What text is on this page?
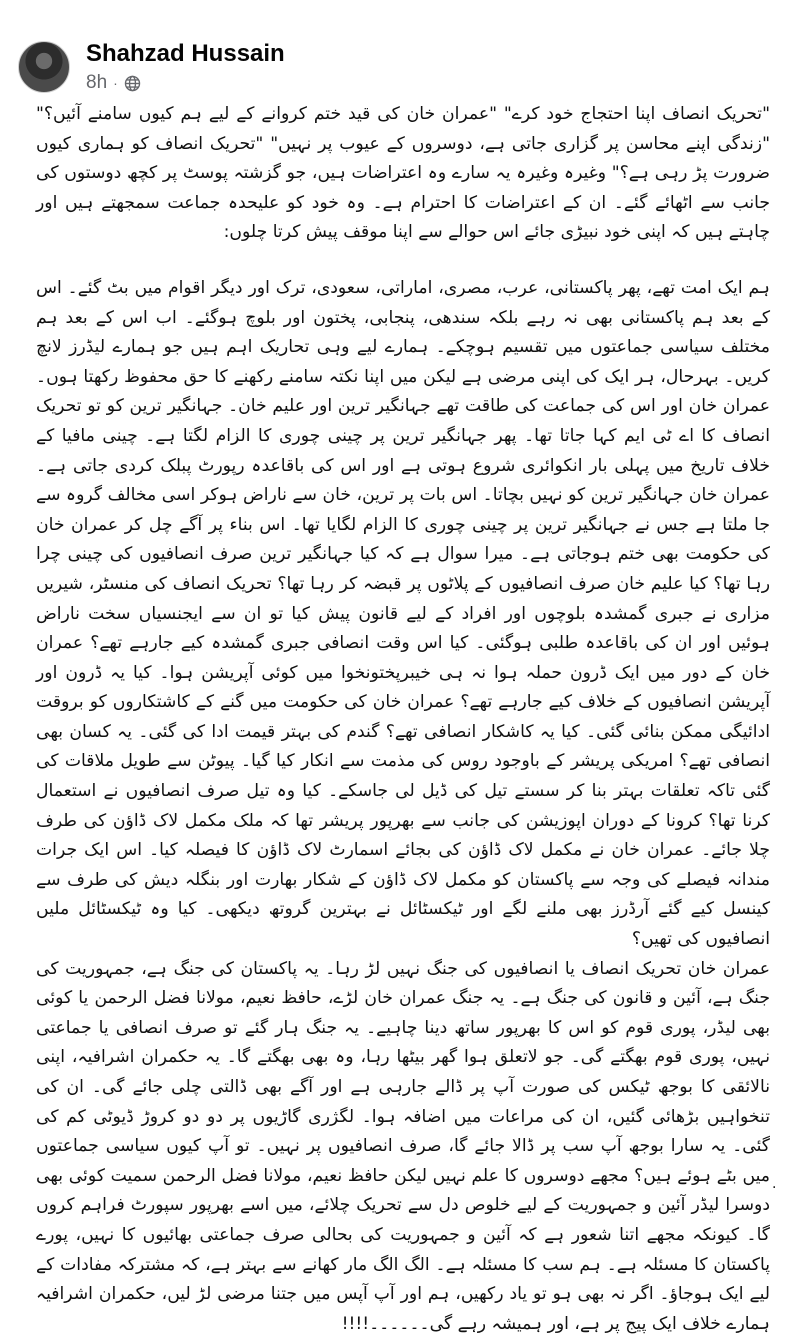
Shahzad Hussain
8h ·

"تحریک انصاف اپنا احتجاج خود کرے" "عمران خان کی قید ختم کروانے کے لیے ہم کیوں سامنے آئیں؟" "زندگی اپنے محاسن پر گزاری جاتی ہے، دوسروں کے عیوب پر نہیں" "تحریک انصاف کو ہماری کیوں ضرورت پڑ رہی ہے؟" وغیرہ وغیرہ یہ سارے وہ اعتراضات ہیں، جو گزشتہ پوسٹ پر کچھ دوستوں کی جانب سے اٹھائے گئے۔ ان کے اعتراضات کا احترام ہے۔ وہ خود کو علیحدہ جماعت سمجھتے ہیں اور چاہتے ہیں کہ اپنی خود نبیڑی جائے اس حوالے سے اپنا موقف پیش کرتا چلوں:

ہم ایک امت تھے، پھر پاکستانی، عرب، مصری، اماراتی، سعودی، ترک اور دیگر اقوام میں بٹ گئے۔ اس کے بعد ہم پاکستانی بھی نہ رہے بلکہ سندھی، پنجابی، پختون اور بلوچ ہوگئے۔ اب اس کے بعد ہم مختلف سیاسی جماعتوں میں تقسیم ہوچکے۔ ہمارے لیے وہی تحاریک اہم ہیں جو ہمارے لیڈرز لانچ کریں۔ بہرحال، ہر ایک کی اپنی مرضی ہے لیکن میں اپنا نکتہ سامنے رکھنے کا حق محفوظ رکھتا ہوں۔ عمران خان اور اس کی جماعت کی طاقت تھے جہانگیر ترین اور علیم خان۔ جہانگیر ترین کو تو تحریک انصاف کا اے ٹی ایم کہا جاتا تھا۔ پھر جہانگیر ترین پر چینی چوری کا الزام لگتا ہے۔ چینی مافیا کے خلاف تاریخ میں پہلی بار انکوائری شروع ہوتی ہے اور اس کی باقاعدہ رپورٹ پبلک کردی جاتی ہے۔ عمران خان جہانگیر ترین کو نہیں بچاتا۔ اس بات پر ترین، خان سے ناراض ہوکر اسی مخالف گروہ سے جا ملتا ہے جس نے جہانگیر ترین پر چینی چوری کا الزام لگایا تھا۔ اس بناء پر آگے چل کر عمران خان کی حکومت بھی ختم ہوجاتی ہے۔ میرا سوال ہے کہ کیا جہانگیر ترین صرف انصافیوں کی چینی چرا رہا تھا؟ کیا علیم خان صرف انصافیوں کے پلاٹوں پر قبضہ کر رہا تھا؟ تحریک انصاف کی منسٹر، شیریں مزاری نے جبری گمشدہ بلوچوں اور افراد کے لیے قانون پیش کیا تو ان سے ایجنسیاں سخت ناراض ہوئیں اور ان کی باقاعدہ طلبی ہوگئی۔ کیا اس وقت انصافی جبری گمشدہ کیے جارہے تھے؟ عمران خان کے دور میں ایک ڈرون حملہ ہوا نہ ہی خیبرپختونخوا میں کوئی آپریشن ہوا۔ کیا یہ ڈرون اور آپریشن انصافیوں کے خلاف کیے جارہے تھے؟ عمران خان کی حکومت میں گنے کے کاشتکاروں کو بروقت ادائیگی ممکن بنائی گئی۔ کیا یہ کاشکار انصافی تھے؟ گندم کی بہتر قیمت ادا کی گئی۔ یہ کسان بھی انصافی تھے؟ امریکی پریشر کے باوجود روس کی مذمت سے انکار کیا گیا۔ پیوٹن سے طویل ملاقات کی گئی تاکہ تعلقات بہتر بنا کر سستے تیل کی ڈیل لی جاسکے۔ کیا وہ تیل صرف انصافیوں نے استعمال کرنا تھا؟ کرونا کے دوران اپوزیشن کی جانب سے بھرپور پریشر تھا کہ ملک مکمل لاک ڈاؤن کی طرف چلا جائے۔ عمران خان نے مکمل لاک ڈاؤن کی بجائے اسمارٹ لاک ڈاؤن کا فیصلہ کیا۔ اس ایک جرات مندانہ فیصلے کی وجہ سے پاکستان کو مکمل لاک ڈاؤن کے شکار بھارت اور بنگلہ دیش کی طرف سے کینسل کیے گئے آرڈرز بھی ملنے لگے اور ٹیکسٹائل نے بہترین گروتھ دیکھی۔ کیا وہ ٹیکسٹائل ملیں انصافیوں کی تھیں؟

عمران خان تحریک انصاف یا انصافیوں کی جنگ نہیں لڑ رہا۔ یہ پاکستان کی جنگ ہے، جمہوریت کی جنگ ہے، آئین و قانون کی جنگ ہے۔ یہ جنگ عمران خان لڑے، حافظ نعیم، مولانا فضل الرحمن یا کوئی بھی لیڈر، پوری قوم کو اس کا بھرپور ساتھ دینا چاہیے۔ یہ جنگ ہار گئے تو صرف انصافی یا جماعتی نہیں، پوری قوم بھگتے گی۔ جو لاتعلق ہوا گھر بیٹھا رہا، وہ بھی بھگتے گا۔ یہ حکمران اشرافیہ، اپنی نالائقی کا بوجھ ٹیکس کی صورت آپ پر ڈالے جارہی ہے اور آگے بھی ڈالتی چلی جائے گی۔ ان کی تنخواہیں بڑھائی گئیں، ان کی مراعات میں اضافہ ہوا۔ لگژری گاڑیوں پر دو دو کروڑ ڈیوٹی کم کی گئی۔ یہ سارا بوجھ آپ سب پر ڈالا جائے گا، صرف انصافیوں پر نہیں۔ تو آپ کیوں سیاسی جماعتوں میں بٹے ہوئے ہیں؟ مجھے دوسروں کا علم نہیں لیکن حافظ نعیم، مولانا فضل الرحمن سمیت کوئی بھی دوسرا لیڈر آئین و جمہوریت کے لیے خلوص دل سے تحریک چلائے، میں اسے بھرپور سپورٹ فراہم کروں گا۔ کیونکہ مجھے اتنا شعور ہے کہ آئین و جمہوریت کی بحالی صرف جماعتی بھائیوں کا نہیں، پورے پاکستان کا مسئلہ ہے۔ ہم سب کا مسئلہ ہے۔ الگ الگ مار کھانے سے بہتر ہے، کہ مشترکہ مفادات کے لیے ایک ہوجاؤ۔ اگر نہ بھی ہو تو یاد رکھیں، ہم اور آپ آپس میں جتنا مرضی لڑ لیں، حکمران اشرافیہ ہمارے خلاف ایک پیج پر ہے، اور ہمیشہ رہے گی۔۔۔۔۔۔!!!!

.
